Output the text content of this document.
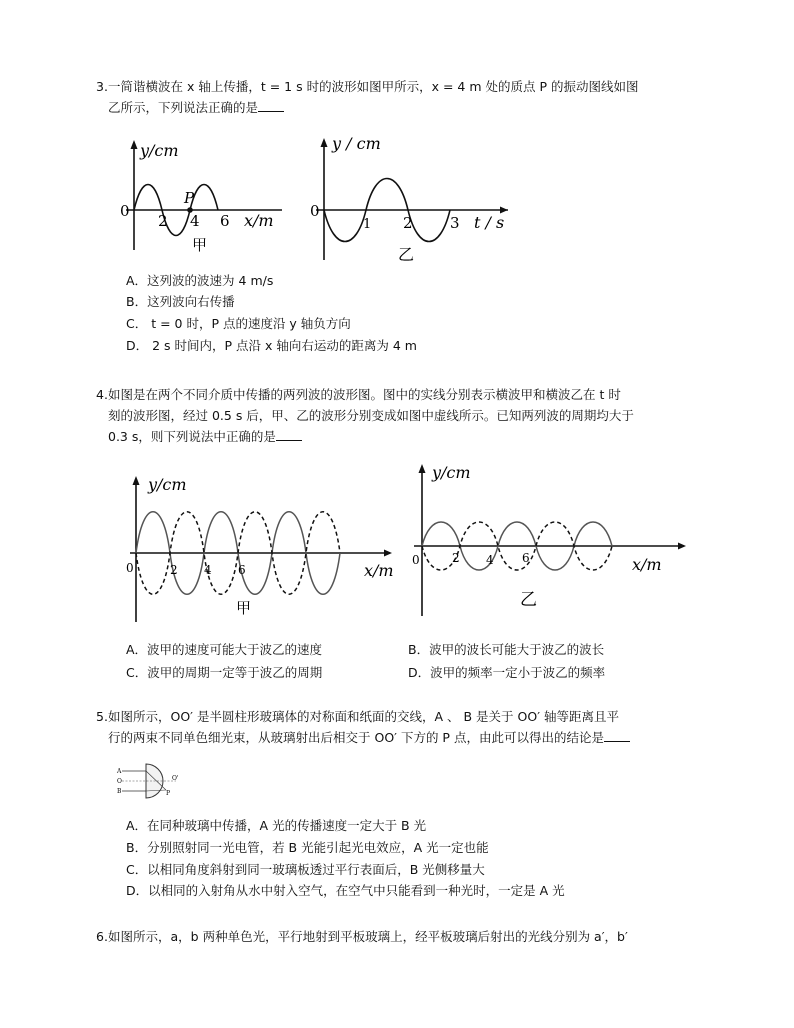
3. 一简谐横波在 x 轴上传播，t = 1 s 时的波形如图甲所示，x = 4 m 处的质点 P 的振动图线如图
乙所示，下列说法正确的是
y/cm
0
P
2 4 6 x/m
甲
y / cm
0
1 2 3 t / s
乙
A．这列波的波速为 4 m/s
B．这列波向右传播
C． t = 0 时，P 点的速度沿 y 轴负方向
D． 2 s 时间内，P 点沿 x 轴向右运动的距离为 4 m
4. 如图是在两个不同介质中传播的两列波的波形图。图中的实线分别表示横波甲和横波乙在 t 时
刻的波形图，经过 0.5 s 后，甲、乙的波形分别变成如图中虚线所示。已知两列波的周期均大于
0.3 s，则下列说法中正确的是
y/cm
0	2 4 6	x/m
甲
y/cm
0	2 4 6	x/m
乙
A．波甲的速度可能大于波乙的速度	B．波甲的波长可能大于波乙的波长
C．波甲的周期一定等于波乙的周期	D．波甲的频率一定小于波乙的频率
5. 如图所示，OO′ 是半圆柱形玻璃体的对称面和纸面的交线，A 、 B 是关于 OO′ 轴等距离且平
行的两束不同单色细光束，从玻璃射出后相交于 OO′ 下方的 P 点，由此可以得出的结论是
A
O
B
O'
P
A．在同种玻璃中传播，A 光的传播速度一定大于 B 光
B．分别照射同一光电管，若 B 光能引起光电效应，A 光一定也能
C．以相同角度斜射到同一玻璃板透过平行表面后，B 光侧移量大
D．以相同的入射角从水中射入空气，在空气中只能看到一种光时，一定是 A 光
6. 如图所示，a，b 两种单色光，平行地射到平板玻璃上，经平板玻璃后射出的光线分别为 a′，b′
